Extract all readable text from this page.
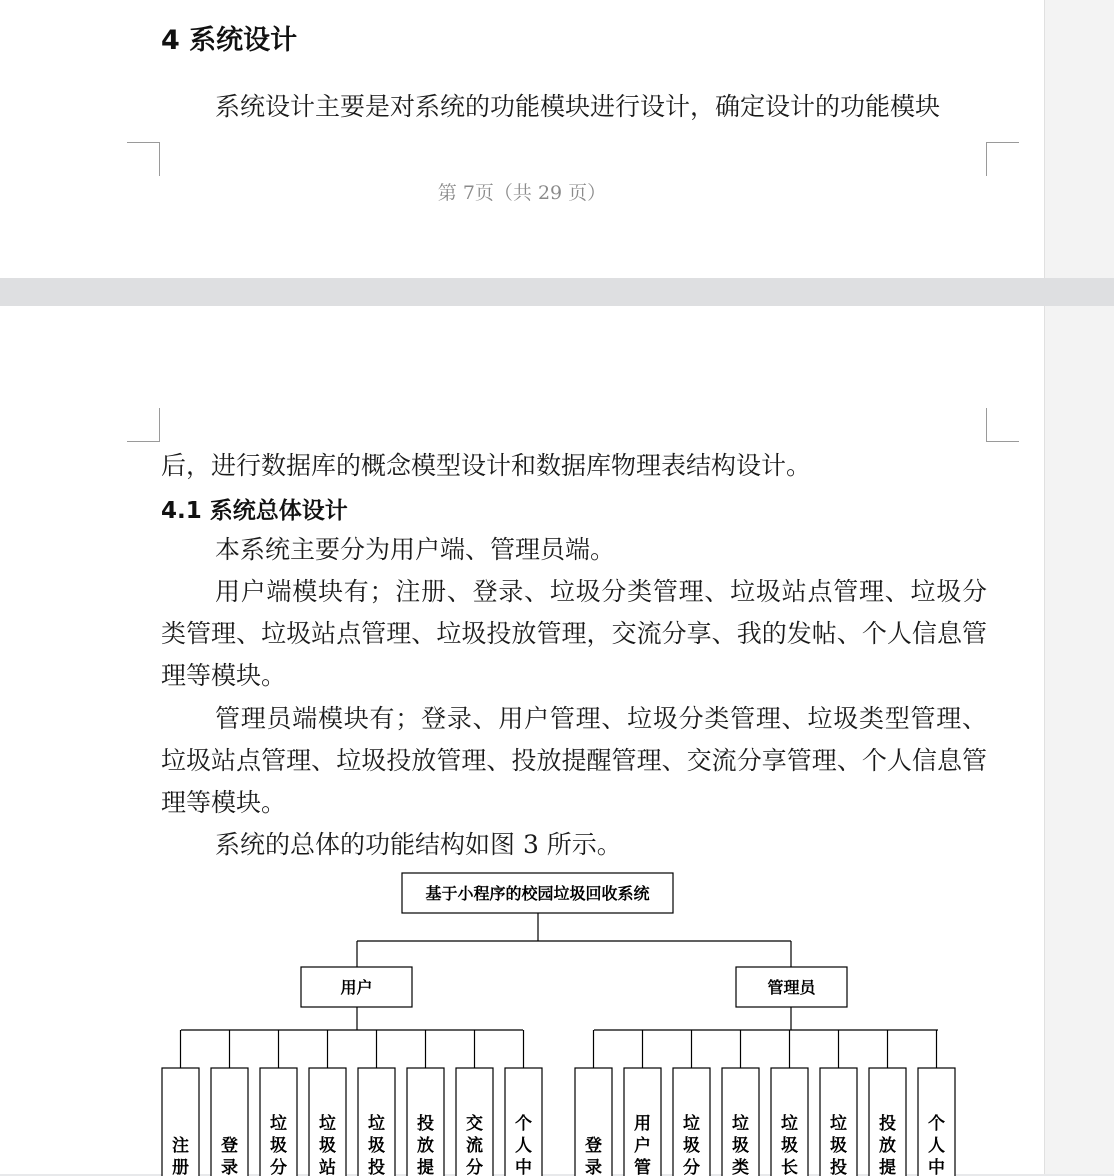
4 系统设计
系统设计主要是对系统的功能模块进行设计，确定设计的功能模块
第 7页（共 29 页）
后，进行数据库的概念模型设计和数据库物理表结构设计。
4.1 系统总体设计
本系统主要分为用户端、管理员端。
用户端模块有；注册、登录、垃圾分类管理、垃圾站点管理、垃圾分类管理、垃圾站点管理、垃圾投放管理，交流分享、我的发帖、个人信息管理等模块。
管理员端模块有；登录、用户管理、垃圾分类管理、垃圾类型管理、垃圾站点管理、垃圾投放管理、投放提醒管理、交流分享管理、个人信息管理等模块。
系统的总体的功能结构如图 3 所示。
基于小程序的校园垃圾回收系统
用户	管理员
注册
登录
垃圾分
垃圾站
垃圾投
投放提
交流分
个人中
登录
用户管
垃圾分
垃圾类
垃圾长
垃圾投
投放提
个人中
